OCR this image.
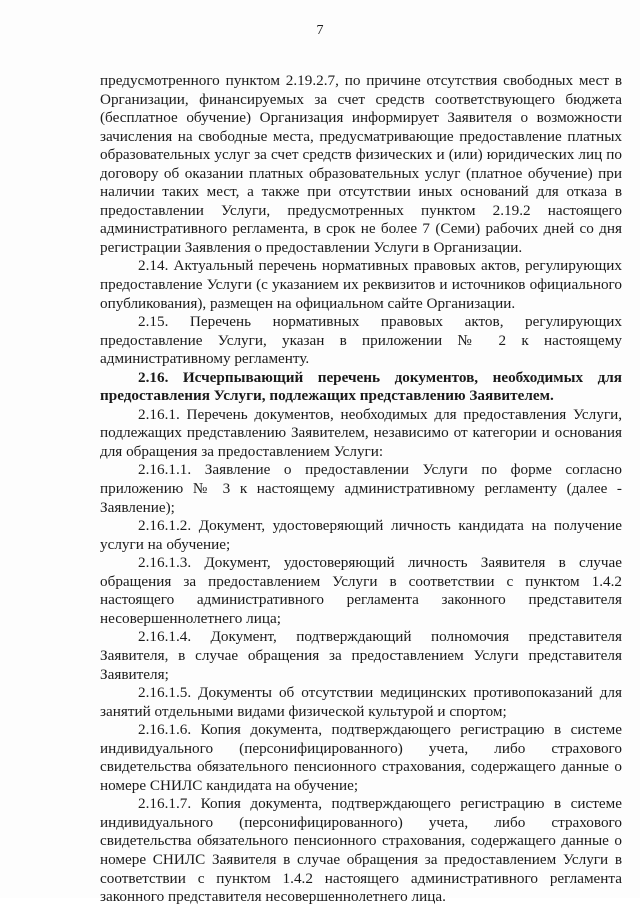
7

предусмотренного пунктом 2.19.2.7, по причине отсутствия свободных мест в Организации, финансируемых за счет средств соответствующего бюджета (бесплатное обучение) Организация информирует Заявителя о возможности зачисления на свободные места, предусматривающие предоставление платных образовательных услуг за счет средств физических и (или) юридических лиц по договору об оказании платных образовательных услуг (платное обучение) при наличии таких мест, а также при отсутствии иных оснований для отказа в предоставлении Услуги, предусмотренных пунктом 2.19.2 настоящего административного регламента, в срок не более 7 (Семи) рабочих дней со дня регистрации Заявления о предоставлении Услуги в Организации.

2.14. Актуальный перечень нормативных правовых актов, регулирующих предоставление Услуги (с указанием их реквизитов и источников официального опубликования), размещен на официальном сайте Организации.

2.15. Перечень нормативных правовых актов, регулирующих предоставление Услуги, указан в приложении № 2 к настоящему административному регламенту.

2.16. Исчерпывающий перечень документов, необходимых для предоставления Услуги, подлежащих представлению Заявителем.

2.16.1. Перечень документов, необходимых для предоставления Услуги, подлежащих представлению Заявителем, независимо от категории и основания для обращения за предоставлением Услуги:

2.16.1.1. Заявление о предоставлении Услуги по форме согласно приложению № 3 к настоящему административному регламенту (далее - Заявление);

2.16.1.2. Документ, удостоверяющий личность кандидата на получение услуги на обучение;

2.16.1.3. Документ, удостоверяющий личность Заявителя в случае обращения за предоставлением Услуги в соответствии с пунктом 1.4.2 настоящего административного регламента законного представителя несовершеннолетнего лица;

2.16.1.4. Документ, подтверждающий полномочия представителя Заявителя, в случае обращения за предоставлением Услуги представителя Заявителя;

2.16.1.5. Документы об отсутствии медицинских противопоказаний для занятий отдельными видами физической культурой и спортом;

2.16.1.6. Копия документа, подтверждающего регистрацию в системе индивидуального (персонифицированного) учета, либо страхового свидетельства обязательного пенсионного страхования, содержащего данные о номере СНИЛС кандидата на обучение;

2.16.1.7. Копия документа, подтверждающего регистрацию в системе индивидуального (персонифицированного) учета, либо страхового свидетельства обязательного пенсионного страхования, содержащего данные о номере СНИЛС Заявителя в случае обращения за предоставлением Услуги в соответствии с пунктом 1.4.2 настоящего административного регламента законного представителя несовершеннолетнего лица.
